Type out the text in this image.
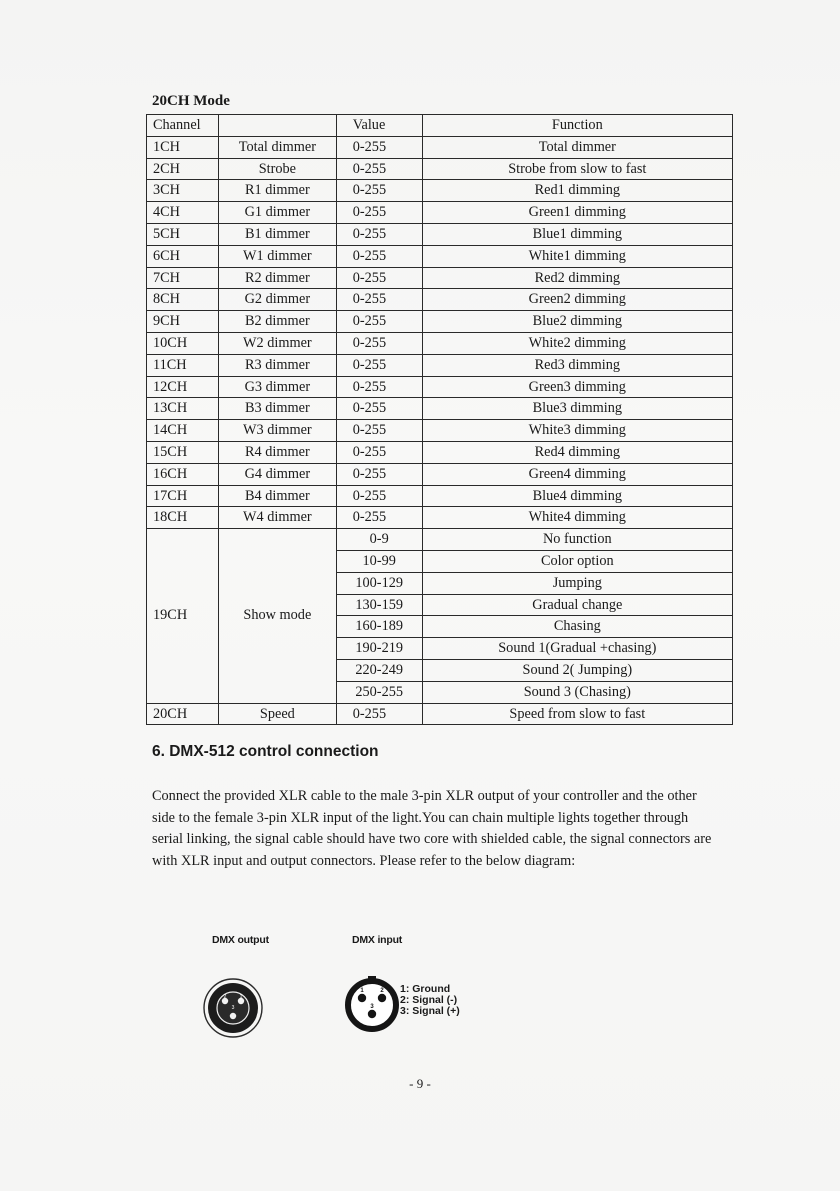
20CH Mode
Channel		Value	Function
1CH	Total dimmer	0-255	Total dimmer
2CH	Strobe	0-255	Strobe from slow to fast
3CH	R1 dimmer	0-255	Red1 dimming
4CH	G1 dimmer	0-255	Green1 dimming
5CH	B1 dimmer	0-255	Blue1 dimming
6CH	W1 dimmer	0-255	White1 dimming
7CH	R2 dimmer	0-255	Red2 dimming
8CH	G2 dimmer	0-255	Green2 dimming
9CH	B2 dimmer	0-255	Blue2 dimming
10CH	W2 dimmer	0-255	White2 dimming
11CH	R3 dimmer	0-255	Red3 dimming
12CH	G3 dimmer	0-255	Green3 dimming
13CH	B3 dimmer	0-255	Blue3 dimming
14CH	W3 dimmer	0-255	White3 dimming
15CH	R4 dimmer	0-255	Red4 dimming
16CH	G4 dimmer	0-255	Green4 dimming
17CH	B4 dimmer	0-255	Blue4 dimming
18CH	W4 dimmer	0-255	White4 dimming
19CH	Show mode	0-9	No function
		10-99	Color option
		100-129	Jumping
		130-159	Gradual change
		160-189	Chasing
		190-219	Sound 1(Gradual +chasing)
		220-249	Sound 2( Jumping)
		250-255	Sound 3 (Chasing)
20CH	Speed	0-255	Speed from slow to fast
6. DMX-512 control connection

Connect the provided XLR cable to the male 3-pin XLR output of your controller and the other side to the female 3-pin XLR input of the light.You can chain multiple lights together through serial linking, the signal cable should have two core with shielded cable, the signal connectors are with XLR input and output connectors. Please refer to the below diagram:

DMX output	DMX input
2	1
3
1	2
3
1: Ground
2: Signal (-)
3: Signal (+)
- 9 -
